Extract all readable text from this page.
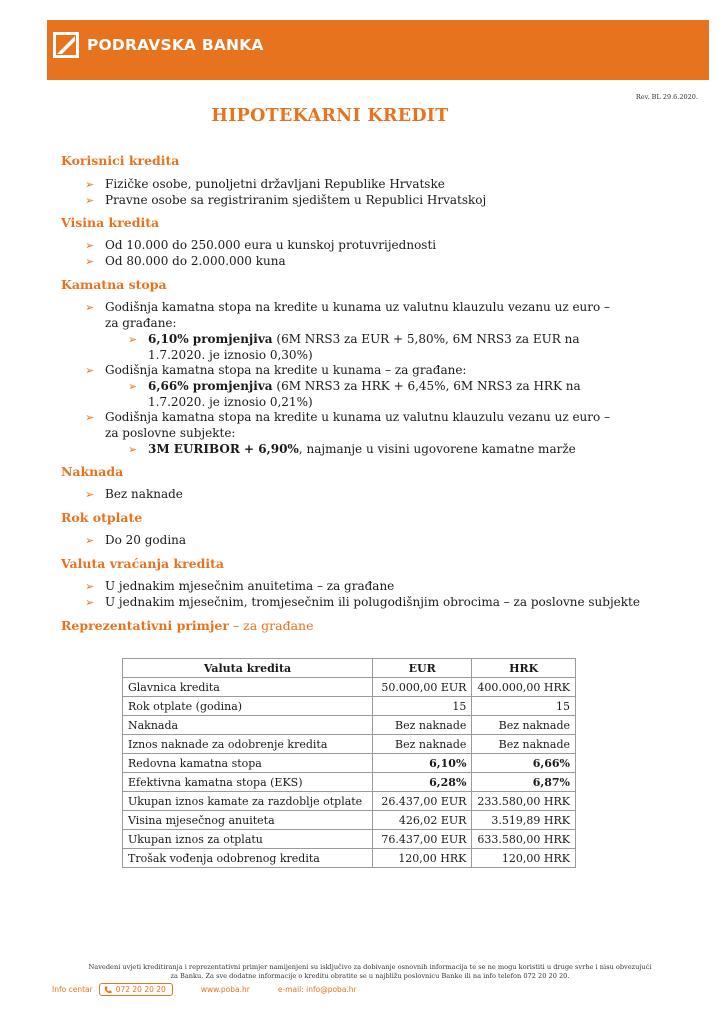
PODRAVSKA BANKA
Rev. BL 29.6.2020.
HIPOTEKARNI KREDIT
Korisnici kredita
➢ Fizičke osobe, punoljetni državljani Republike Hrvatske
➢ Pravne osobe sa registriranim sjedištem u Republici Hrvatskoj
Visina kredita
➢ Od 10.000 do 250.000 eura u kunskoj protuvrijednosti
➢ Od 80.000 do 2.000.000 kuna
Kamatna stopa
➢ Godišnja kamatna stopa na kredite u kunama uz valutnu klauzulu vezanu uz euro – za građane:
➢ 6,10% promjenjiva (6M NRS3 za EUR + 5,80%, 6M NRS3 za EUR na 1.7.2020. je iznosio 0,30%)
➢ Godišnja kamatna stopa na kredite u kunama – za građane:
➢ 6,66% promjenjiva (6M NRS3 za HRK + 6,45%, 6M NRS3 za HRK na 1.7.2020. je iznosio 0,21%)
➢ Godišnja kamatna stopa na kredite u kunama uz valutnu klauzulu vezanu uz euro – za poslovne subjekte:
➢ 3M EURIBOR + 6,90%, najmanje u visini ugovorene kamatne marže
Naknada
➢ Bez naknade
Rok otplate
➢ Do 20 godina
Valuta vraćanja kredita
➢ U jednakim mjesečnim anuitetima – za građane
➢ U jednakim mjesečnim, tromjesečnim ili polugodišnjim obrocima – za poslovne subjekte
Reprezentativni primjer – za građane
Valuta kredita	EUR	HRK
Glavnica kredita	50.000,00 EUR	400.000,00 HRK
Rok otplate (godina)	15	15
Naknada	Bez naknade	Bez naknade
Iznos naknade za odobrenje kredita	Bez naknade	Bez naknade
Redovna kamatna stopa	6,10%	6,66%
Efektivna kamatna stopa (EKS)	6,28%	6,87%
Ukupan iznos kamate za razdoblje otplate	26.437,00 EUR	233.580,00 HRK
Visina mjesečnog anuiteta	426,02 EUR	3.519,89 HRK
Ukupan iznos za otplatu	76.437,00 EUR	633.580,00 HRK
Trošak vođenja odobrenog kredita	120,00 HRK	120,00 HRK
Navedeni uvjeti kreditiranja i reprezentativni primjer namijenjeni su isključivo za dobivanje osnovnih informacija te se ne mogu koristiti u druge svrhe i nisu obvezujući
za Banku. Za sve dodatne informacije o kreditu obratite se u najbližu poslovnicu Banke ili na info telefon 072 20 20 20.
Info centar	072 20 20 20	www.poba.hr	e-mail: info@poba.hr
